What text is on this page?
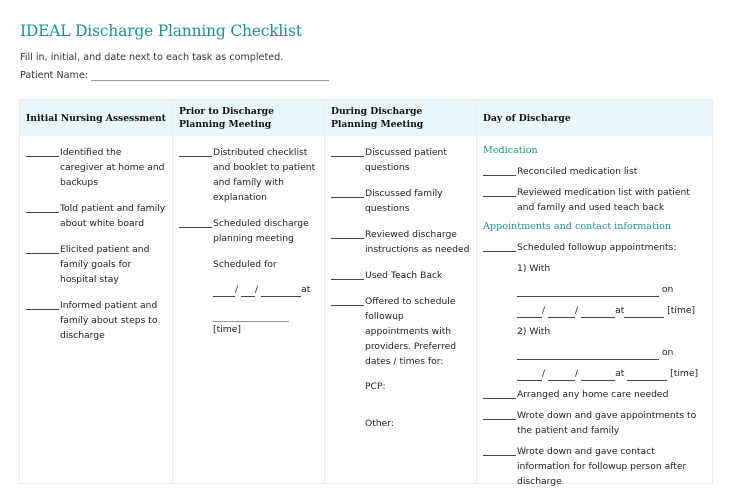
IDEAL Discharge Planning Checklist
Fill in, initial, and date next to each task as completed.
Patient Name:
Initial Nursing Assessment
Identified the caregiver at home and backups
Told patient and family about white board
Elicited patient and family goals for hospital stay
Informed patient and family about steps to discharge
Prior to Discharge
Planning Meeting
Distributed checklist and booklet to patient and family with explanation
Scheduled discharge planning meeting
Scheduled for
/ /	at
[time]
During Discharge
Planning Meeting
Discussed patient questions
Discussed family questions
Reviewed discharge instructions as needed
Used Teach Back
Offered to schedule followup appointments with providers. Preferred dates / times for:
PCP:
Other:
Day of Discharge
Medication
Reconciled medication list
Reviewed medication list with patient and family and used teach back
Appointments and contact information
Scheduled followup appointments:
1) With
on
/	/	at	[time]
2) With
on
/	/	at	[time]
Arranged any home care needed
Wrote down and gave appointments to the patient and family
Wrote down and gave contact information for followup person after discharge
